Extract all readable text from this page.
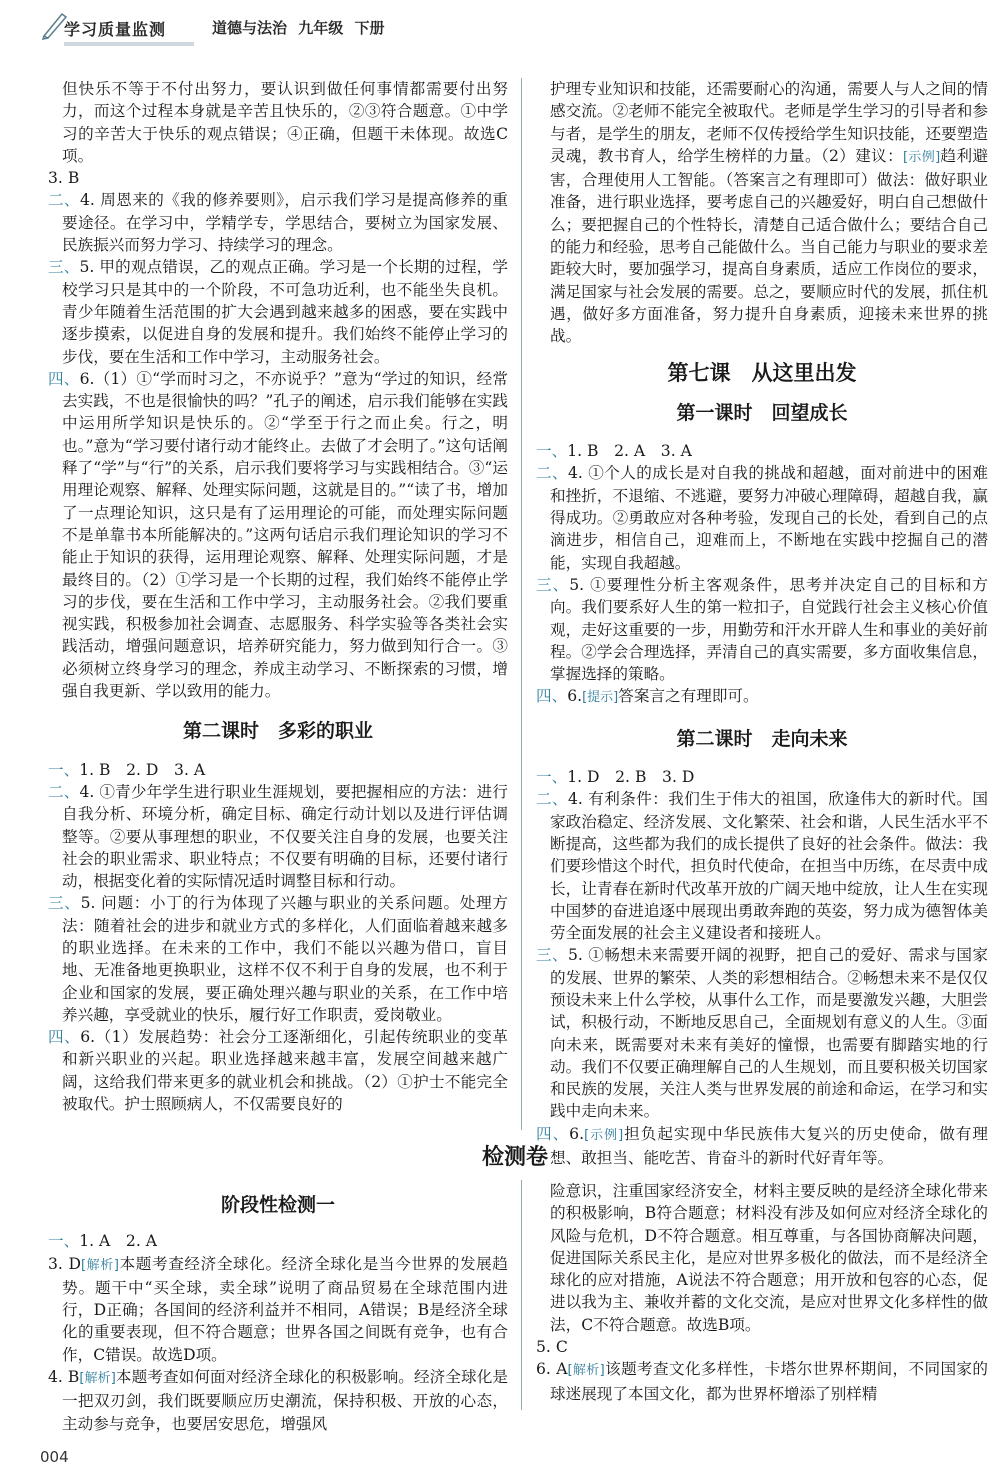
学习质量监测	道德与法治 九年级 下册

但快乐不等于不付出努力，要认识到做任何事情都需要付出努力，而这个过程本身就是辛苦且快乐的，②③符合题意。①中学习的辛苦大于快乐的观点错误；④正确，但题干未体现。故选C项。

3. B

二、4. 周恩来的《我的修养要则》，启示我们学习是提高修养的重要途径。在学习中，学精学专，学思结合，要树立为国家发展、民族振兴而努力学习、持续学习的理念。

三、5. 甲的观点错误，乙的观点正确。学习是一个长期的过程，学校学习只是其中的一个阶段，不可急功近利，也不能坐失良机。青少年随着生活范围的扩大会遇到越来越多的困惑，要在实践中逐步摸索，以促进自身的发展和提升。我们始终不能停止学习的步伐，要在生活和工作中学习，主动服务社会。

四、6.（1）①“学而时习之，不亦说乎？”意为“学过的知识，经常去实践，不也是很愉快的吗？”孔子的阐述，启示我们能够在实践中运用所学知识是快乐的。②“学至于行之而止矣。行之，明也。”意为“学习要付诸行动才能终止。去做了才会明了。”这句话阐释了“学”与“行”的关系，启示我们要将学习与实践相结合。③“运用理论观察、解释、处理实际问题，这就是目的。”“读了书，增加了一点理论知识，这只是有了运用理论的可能，而处理实际问题不是单靠书本所能解决的。”这两句话启示我们理论知识的学习不能止于知识的获得，运用理论观察、解释、处理实际问题，才是最终目的。（2）①学习是一个长期的过程，我们始终不能停止学习的步伐，要在生活和工作中学习，主动服务社会。②我们要重视实践，积极参加社会调查、志愿服务、科学实验等各类社会实践活动，增强问题意识，培养研究能力，努力做到知行合一。③必须树立终身学习的理念，养成主动学习、不断探索的习惯，增强自我更新、学以致用的能力。

第二课时　多彩的职业

一、1. B　2. D　3. A

二、4. ①青少年学生进行职业生涯规划，要把握相应的方法：进行自我分析、环境分析，确定目标、确定行动计划以及进行评估调整等。②要从事理想的职业，不仅要关注自身的发展，也要关注社会的职业需求、职业特点；不仅要有明确的目标，还要付诸行动，根据变化着的实际情况适时调整目标和行动。

三、5. 问题：小丁的行为体现了兴趣与职业的关系问题。处理方法：随着社会的进步和就业方式的多样化，人们面临着越来越多的职业选择。在未来的工作中，我们不能以兴趣为借口，盲目地、无准备地更换职业，这样不仅不利于自身的发展，也不利于企业和国家的发展，要正确处理兴趣与职业的关系，在工作中培养兴趣，享受就业的快乐，履行好工作职责，爱岗敬业。

四、6.（1）发展趋势：社会分工逐渐细化，引起传统职业的变革和新兴职业的兴起。职业选择越来越丰富，发展空间越来越广阔，这给我们带来更多的就业机会和挑战。（2）①护士不能完全被取代。护士照顾病人，不仅需要良好的

护理专业知识和技能，还需要耐心的沟通，需要人与人之间的情感交流。②老师不能完全被取代。老师是学生学习的引导者和参与者，是学生的朋友，老师不仅传授给学生知识技能，还要塑造灵魂，教书育人，给学生榜样的力量。（2）建议：[示例]趋利避害，合理使用人工智能。（答案言之有理即可）做法：做好职业准备，进行职业选择，要考虑自己的兴趣爱好，明白自己想做什么；要把握自己的个性特长，清楚自己适合做什么；要结合自己的能力和经验，思考自己能做什么。当自己能力与职业的要求差距较大时，要加强学习，提高自身素质，适应工作岗位的要求，满足国家与社会发展的需要。总之，要顺应时代的发展，抓住机遇，做好多方面准备，努力提升自身素质，迎接未来世界的挑战。

第七课　从这里出发
第一课时　回望成长

一、1. B　2. A　3. A

二、4. ①个人的成长是对自我的挑战和超越，面对前进中的困难和挫折，不退缩、不逃避，要努力冲破心理障碍，超越自我，赢得成功。②勇敢应对各种考验，发现自己的长处，看到自己的点滴进步，相信自己，迎难而上，不断地在实践中挖掘自己的潜能，实现自我超越。

三、5. ①要理性分析主客观条件，思考并决定自己的目标和方向。我们要系好人生的第一粒扣子，自觉践行社会主义核心价值观，走好这重要的一步，用勤劳和汗水开辟人生和事业的美好前程。②学会合理选择，弄清自己的真实需要，多方面收集信息，掌握选择的策略。

四、6.[提示]答案言之有理即可。

第二课时　走向未来

一、1. D　2. B　3. D

二、4. 有利条件：我们生于伟大的祖国，欣逢伟大的新时代。国家政治稳定、经济发展、文化繁荣、社会和谐，人民生活水平不断提高，这些都为我们的成长提供了良好的社会条件。做法：我们要珍惜这个时代，担负时代使命，在担当中历练，在尽责中成长，让青春在新时代改革开放的广阔天地中绽放，让人生在实现中国梦的奋进追逐中展现出勇敢奔跑的英姿，努力成为德智体美劳全面发展的社会主义建设者和接班人。

三、5. ①畅想未来需要开阔的视野，把自己的爱好、需求与国家的发展、世界的繁荣、人类的彩想相结合。②畅想未来不是仅仅预设未来上什么学校，从事什么工作，而是要激发兴趣，大胆尝试，积极行动，不断地反思自己，全面规划有意义的人生。③面向未来，既需要对未来有美好的憧憬，也需要有脚踏实地的行动。我们不仅要正确理解自己的人生规划，而且要积极关切国家和民族的发展，关注人类与世界发展的前途和命运，在学习和实践中走向未来。

四、6.[示例]担负起实现中华民族伟大复兴的历史使命，做有理想、敢担当、能吃苦、肯奋斗的新时代好青年等。

检测卷
阶段性检测一

一、1. A　2. A

3. D[解析]本题考查经济全球化。经济全球化是当今世界的发展趋势。题干中“买全球，卖全球”说明了商品贸易在全球范围内进行，D正确；各国间的经济利益并不相同，A错误；B是经济全球化的重要表现，但不符合题意；世界各国之间既有竞争，也有合作，C错误。故选D项。

4. B[解析]本题考查如何面对经济全球化的积极影响。经济全球化是一把双刃剑，我们既要顺应历史潮流，保持积极、开放的心态，主动参与竞争，也要居安思危，增强风

险意识，注重国家经济安全，材料主要反映的是经济全球化带来的积极影响，B符合题意；材料没有涉及如何应对经济全球化的风险与危机，D不符合题意。相互尊重，与各国协商解决问题，促进国际关系民主化，是应对世界多极化的做法，而不是经济全球化的应对措施，A说法不符合题意；用开放和包容的心态，促进以我为主、兼收并蓄的文化交流，是应对世界文化多样性的做法，C不符合题意。故选B项。

5. C

6. A[解析]该题考查文化多样性，卡塔尔世界杯期间，不同国家的球迷展现了本国文化，都为世界杯增添了别样精

004
